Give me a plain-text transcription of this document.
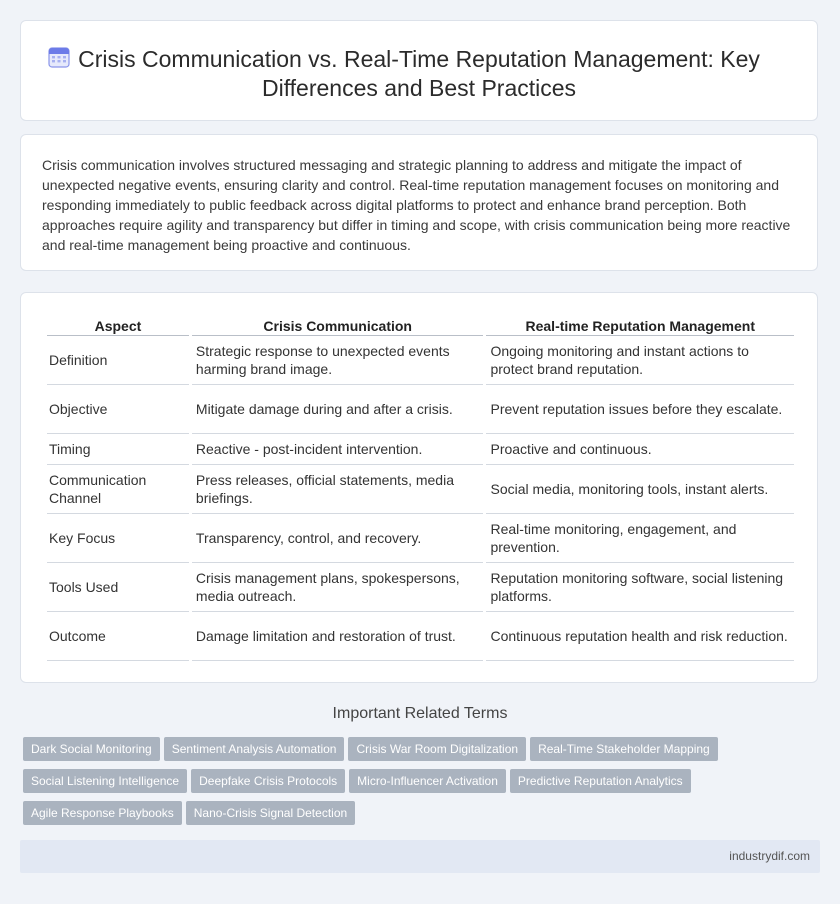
Crisis Communication vs. Real-Time Reputation Management: Key Differences and Best Practices

Crisis communication involves structured messaging and strategic planning to address and mitigate the impact of unexpected negative events, ensuring clarity and control. Real-time reputation management focuses on monitoring and responding immediately to public feedback across digital platforms to protect and enhance brand perception. Both approaches require agility and transparency but differ in timing and scope, with crisis communication being more reactive and real-time management being proactive and continuous.

Aspect	Crisis Communication	Real-time Reputation Management
Definition	Strategic response to unexpected events harming brand image.	Ongoing monitoring and instant actions to protect brand reputation.
Objective	Mitigate damage during and after a crisis.	Prevent reputation issues before they escalate.
Timing	Reactive - post-incident intervention.	Proactive and continuous.
Communication Channel	Press releases, official statements, media briefings.	Social media, monitoring tools, instant alerts.
Key Focus	Transparency, control, and recovery.	Real-time monitoring, engagement, and prevention.
Tools Used	Crisis management plans, spokespersons, media outreach.	Reputation monitoring software, social listening platforms.
Outcome	Damage limitation and restoration of trust.	Continuous reputation health and risk reduction.
Important Related Terms
Dark Social Monitoring Sentiment Analysis Automation Crisis War Room Digitalization Real-Time Stakeholder Mapping
Social Listening Intelligence Deepfake Crisis Protocols Micro-Influencer Activation Predictive Reputation Analytics
Agile Response Playbooks Nano-Crisis Signal Detection
industrydif.com
